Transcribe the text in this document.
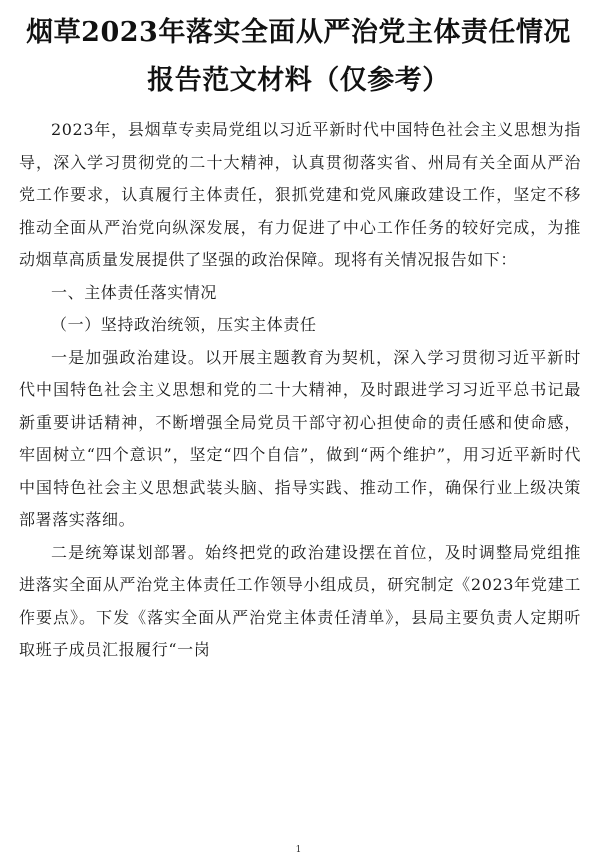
烟草2023年落实全面从严治党主体责任情况
报告范文材料（仅参考）

2023年，县烟草专卖局党组以习近平新时代中国特色社会主义思想为指导，深入学习贯彻党的二十大精神，认真贯彻落实省、州局有关全面从严治党工作要求，认真履行主体责任，狠抓党建和党风廉政建设工作，坚定不移推动全面从严治党向纵深发展，有力促进了中心工作任务的较好完成，为推动烟草高质量发展提供了坚强的政治保障。现将有关情况报告如下：

一、主体责任落实情况

（一）坚持政治统领，压实主体责任

一是加强政治建设。以开展主题教育为契机，深入学习贯彻习近平新时代中国特色社会主义思想和党的二十大精神，及时跟进学习习近平总书记最新重要讲话精神，不断增强全局党员干部守初心担使命的责任感和使命感，牢固树立“四个意识”，坚定“四个自信”，做到“两个维护”，用习近平新时代中国特色社会主义思想武装头脑、指导实践、推动工作，确保行业上级决策部署落实落细。

二是统筹谋划部署。始终把党的政治建设摆在首位，及时调整局党组推进落实全面从严治党主体责任工作领导小组成员，研究制定《2023年党建工作要点》。下发《落实全面从严治党主体责任清单》，县局主要负责人定期听取班子成员汇报履行“一岗

1
